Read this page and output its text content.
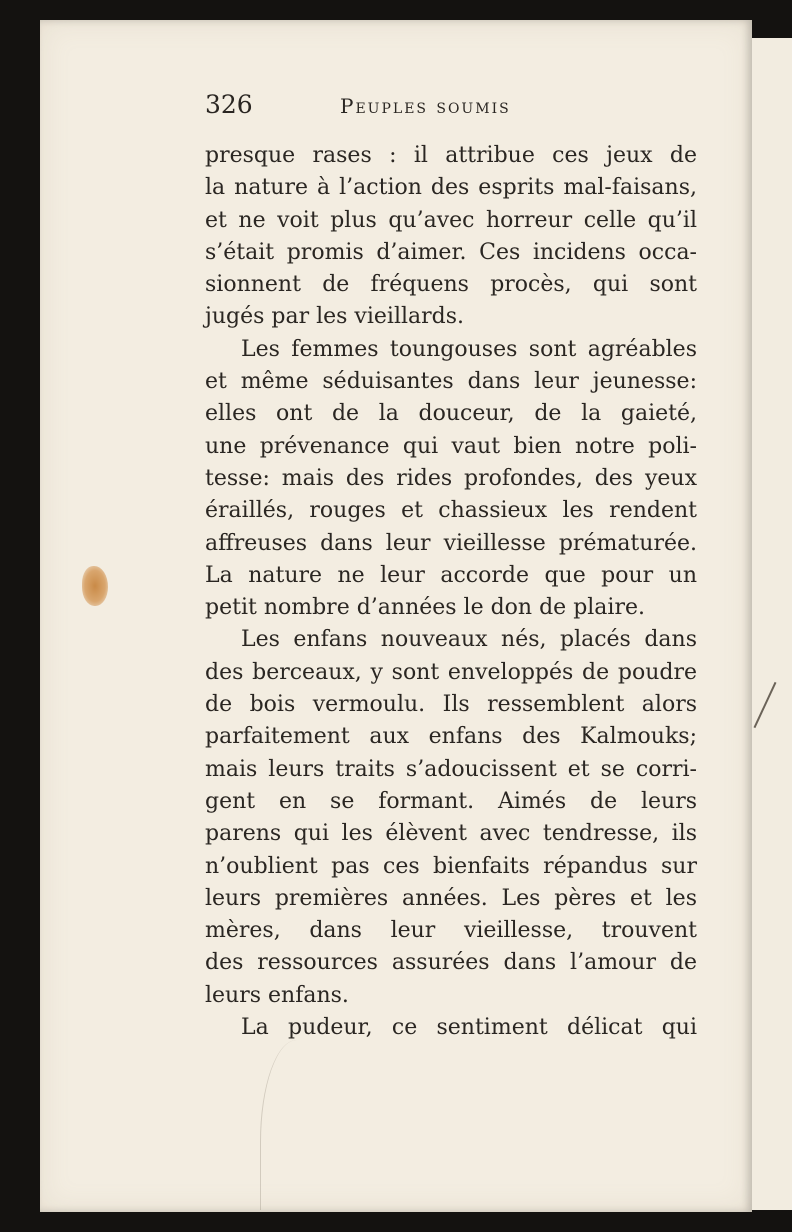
326	Peuples soumis
presque rases : il attribue ces jeux de
la nature à l’action des esprits mal-faisans,
et ne voit plus qu’avec horreur celle qu’il
s’était promis d’aimer. Ces incidens occa-
sionnent de fréquens procès, qui sont
jugés par les vieillards.
Les femmes toungouses sont agréables
et même séduisantes dans leur jeunesse:
elles ont de la douceur, de la gaieté,
une prévenance qui vaut bien notre poli-
tesse: mais des rides profondes, des yeux
éraillés, rouges et chassieux les rendent
affreuses dans leur vieillesse prématurée.
La nature ne leur accorde que pour un
petit nombre d’années le don de plaire.
Les enfans nouveaux nés, placés dans
des berceaux, y sont enveloppés de poudre
de bois vermoulu. Ils ressemblent alors
parfaitement aux enfans des Kalmouks;
mais leurs traits s’adoucissent et se corri-
gent en se formant. Aimés de leurs
parens qui les élèvent avec tendresse, ils
n’oublient pas ces bienfaits répandus sur
leurs premières années. Les pères et les
mères, dans leur vieillesse, trouvent
des ressources assurées dans l’amour de
leurs enfans.
La pudeur, ce sentiment délicat qui
